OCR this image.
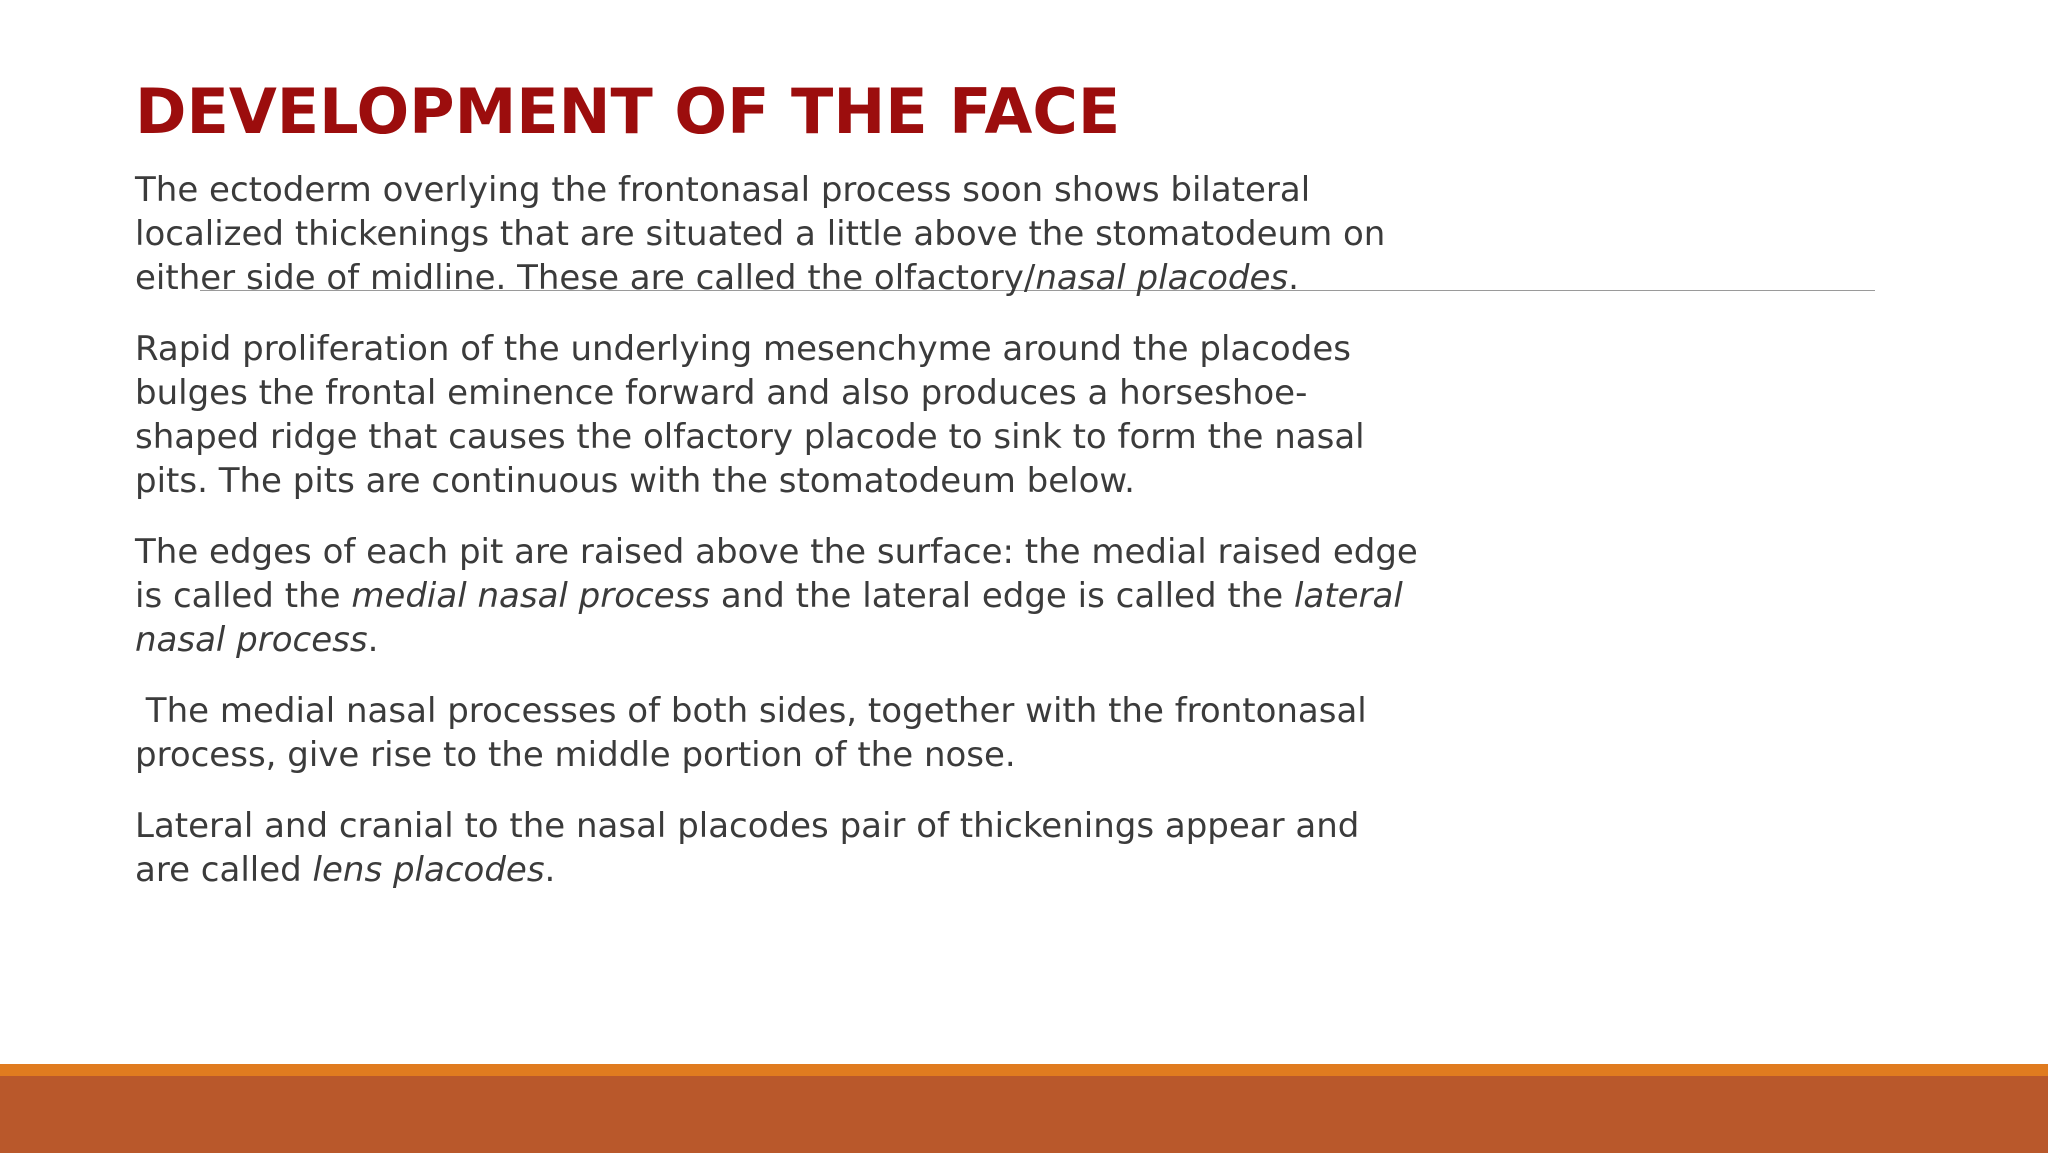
DEVELOPMENT OF THE FACE

The ectoderm overlying the frontonasal process soon shows bilateral
localized thickenings that are situated a little above the stomatodeum on
either side of midline. These are called the olfactory/nasal placodes.

Rapid proliferation of the underlying mesenchyme around the placodes
bulges the frontal eminence forward and also produces a horseshoe-
shaped ridge that causes the olfactory placode to sink to form the nasal
pits. The pits are continuous with the stomatodeum below.

The edges of each pit are raised above the surface: the medial raised edge
is called the medial nasal process and the lateral edge is called the lateral
nasal process.

The medial nasal processes of both sides, together with the frontonasal
process, give rise to the middle portion of the nose.

Lateral and cranial to the nasal placodes pair of thickenings appear and
are called lens placodes.
